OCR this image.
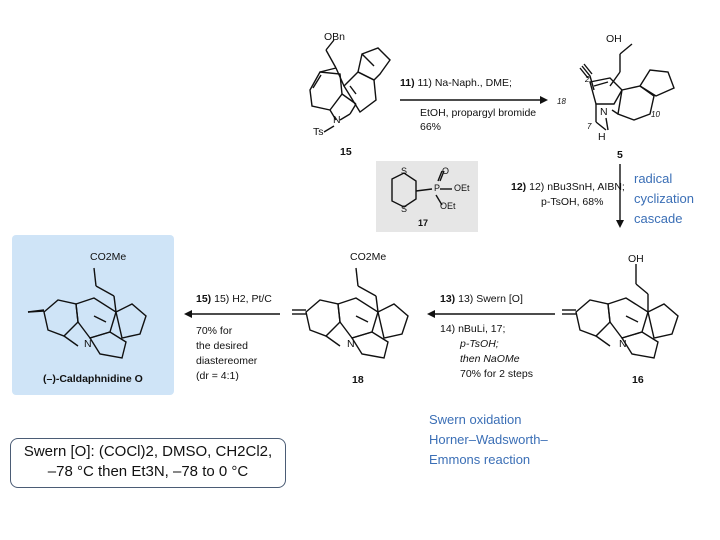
OBn
N
Ts
15
11) 11) Na-Naph., DME;
EtOH, propargyl bromide
66%
OH
N
H
2
18
7
10
5
S
S
P
O
OEt
OEt
17
12) 12) nBu3SnH, AIBN;
p-TsOH, 68%
radical
cyclization
cascade
OH
N
16
13) 13) Swern [O]
14) nBuLi, 17;
p-TsOH;
then NaOMe
70% for 2 steps
Swern oxidation
Horner–Wadsworth–
Emmons reaction
CO2Me
N
18
15) 15) H2, Pt/C
70% for
the desired
diastereomer
(dr = 4:1)
CO2Me
N
(–)-Caldaphnidine O
Swern [O]: (COCl)2, DMSO, CH2Cl2,
–78 °C then Et3N, –78 to 0 °C
